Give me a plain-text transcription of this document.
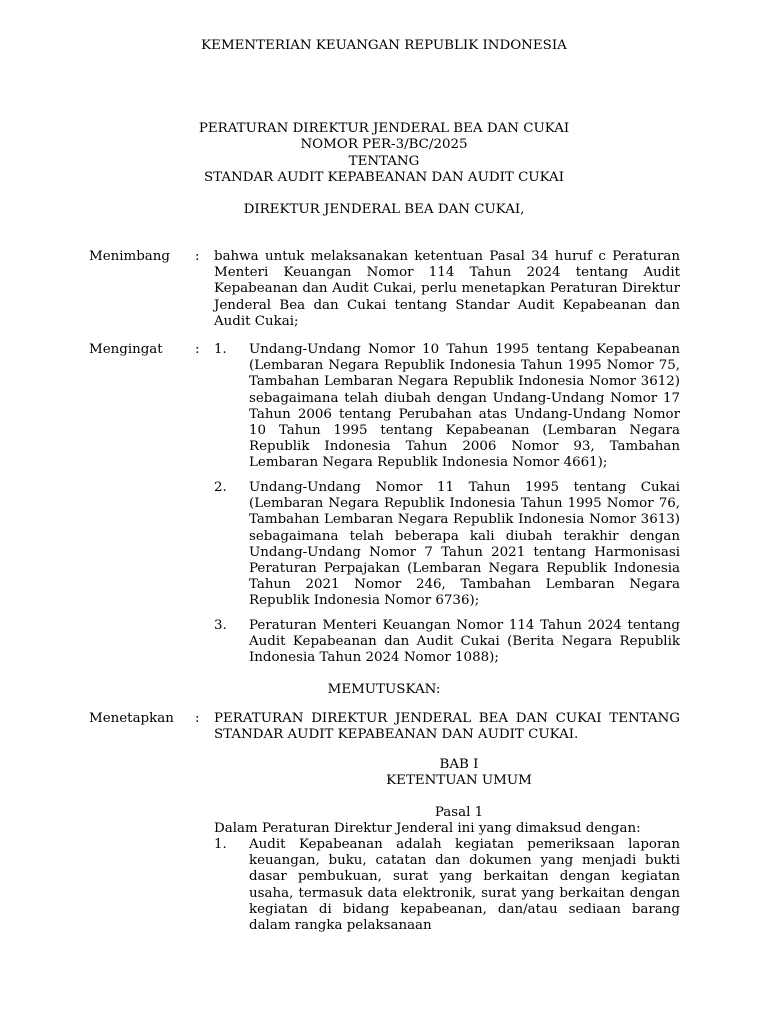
KEMENTERIAN KEUANGAN REPUBLIK INDONESIA
PERATURAN DIREKTUR JENDERAL BEA DAN CUKAI
NOMOR PER-3/BC/2025
TENTANG
STANDAR AUDIT KEPABEANAN DAN AUDIT CUKAI
DIREKTUR JENDERAL BEA DAN CUKAI,
Menimbang : bahwa untuk melaksanakan ketentuan Pasal 34 huruf c Peraturan Menteri Keuangan Nomor 114 Tahun 2024 tentang Audit Kepabeanan dan Audit Cukai, perlu menetapkan Peraturan Direktur Jenderal Bea dan Cukai tentang Standar Audit Kepabeanan dan Audit Cukai;
Mengingat : 1. Undang-Undang Nomor 10 Tahun 1995 tentang Kepabeanan (Lembaran Negara Republik Indonesia Tahun 1995 Nomor 75, Tambahan Lembaran Negara Republik Indonesia Nomor 3612) sebagaimana telah diubah dengan Undang-Undang Nomor 17 Tahun 2006 tentang Perubahan atas Undang-Undang Nomor 10 Tahun 1995 tentang Kepabeanan (Lembaran Negara Republik Indonesia Tahun 2006 Nomor 93, Tambahan Lembaran Negara Republik Indonesia Nomor 4661);
2. Undang-Undang Nomor 11 Tahun 1995 tentang Cukai (Lembaran Negara Republik Indonesia Tahun 1995 Nomor 76, Tambahan Lembaran Negara Republik Indonesia Nomor 3613) sebagaimana telah beberapa kali diubah terakhir dengan Undang-Undang Nomor 7 Tahun 2021 tentang Harmonisasi Peraturan Perpajakan (Lembaran Negara Republik Indonesia Tahun 2021 Nomor 246, Tambahan Lembaran Negara Republik Indonesia Nomor 6736);
3. Peraturan Menteri Keuangan Nomor 114 Tahun 2024 tentang Audit Kepabeanan dan Audit Cukai (Berita Negara Republik Indonesia Tahun 2024 Nomor 1088);
MEMUTUSKAN:
Menetapkan : PERATURAN DIREKTUR JENDERAL BEA DAN CUKAI TENTANG STANDAR AUDIT KEPABEANAN DAN AUDIT CUKAI.
BAB I
KETENTUAN UMUM
Pasal 1
Dalam Peraturan Direktur Jenderal ini yang dimaksud dengan:
1. Audit Kepabeanan adalah kegiatan pemeriksaan laporan keuangan, buku, catatan dan dokumen yang menjadi bukti dasar pembukuan, surat yang berkaitan dengan kegiatan usaha, termasuk data elektronik, surat yang berkaitan dengan kegiatan di bidang kepabeanan, dan/atau sediaan barang dalam rangka pelaksanaan
